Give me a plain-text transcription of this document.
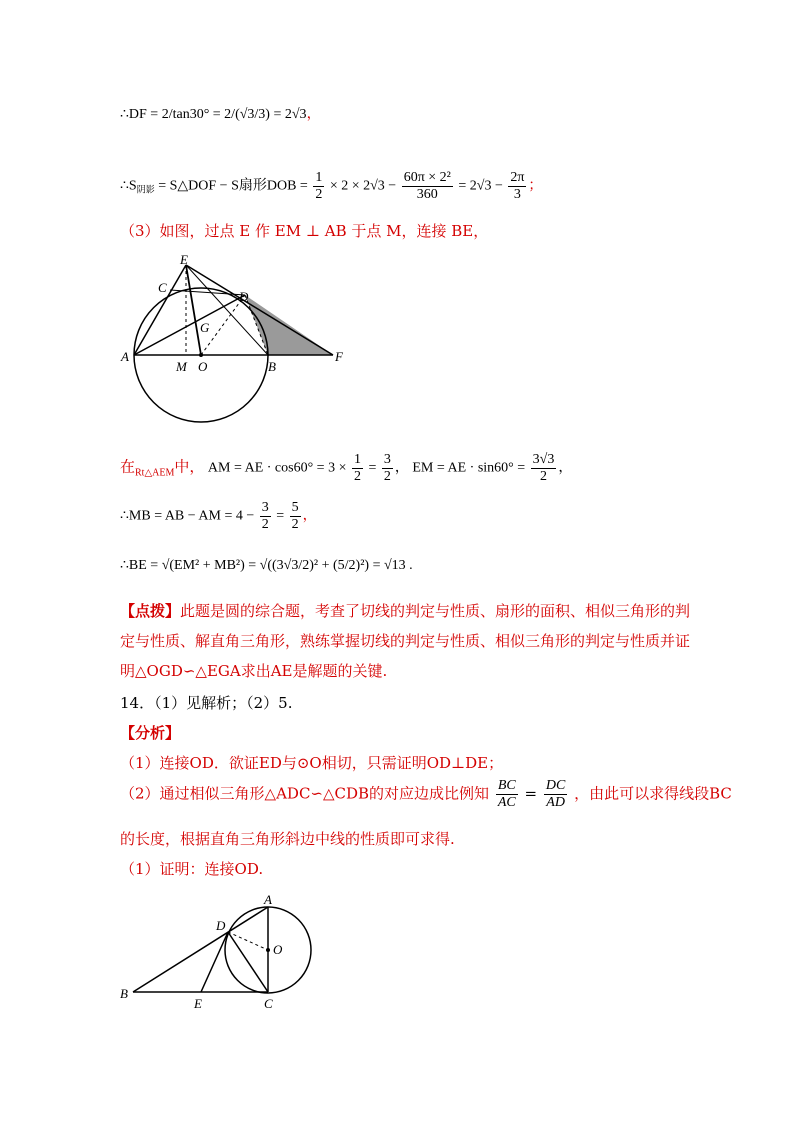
∴DF = 2/tan30° = 2/(√3/3) = 2√3，
$\therefore S_{阴影}$ = S△DOF − S扇形DOB = $\frac{1}{2} \times 2 \times 2√3 - \frac{\text{60π × 2²}}{360} = 2√3 - \frac{2\pi}{3}$ ；
（3）如图，过点 E 作 EM ⊥ AB 于点 M，连接 BE，
E
C
D
G
A
M O	B
F
在$_{Rt\triangle AEM}$中， AM = AE · $\cos 60^\circ = 3 \times \frac{1}{2} = \frac{3}{2}$ ， EM = AE · $\sin 60^\circ = \frac{3√3}{2}$ ，
∴MB = AB − AM = $4 - \frac{3}{2} = \frac{5}{2}$ ，
∴BE = √(EM² + MB²) = √((3√3/2)² + (5/2)²) = √13 .
【点拨】此题是圆的综合题，考查了切线的判定与性质、扇形的面积、相似三角形的判定与性质、解直角三角形，熟练掌握切线的判定与性质、相似三角形的判定与性质并证明△OGD∽△EGA求出AE是解题的关键.
14．（1）见解析；（2）5.
【分析】
（1）连接OD．欲证ED与⊙O相切，只需证明OD⊥DE；
（2）通过相似三角形△ADC∽△CDB的对应边成比例知 $\frac{BC}{AC} = \frac{DC}{AD}$ ，由此可以求得线段BC
的长度，根据直角三角形斜边中线的性质即可求得.
（1）证明：连接OD.
A
D
O
B
E	C
